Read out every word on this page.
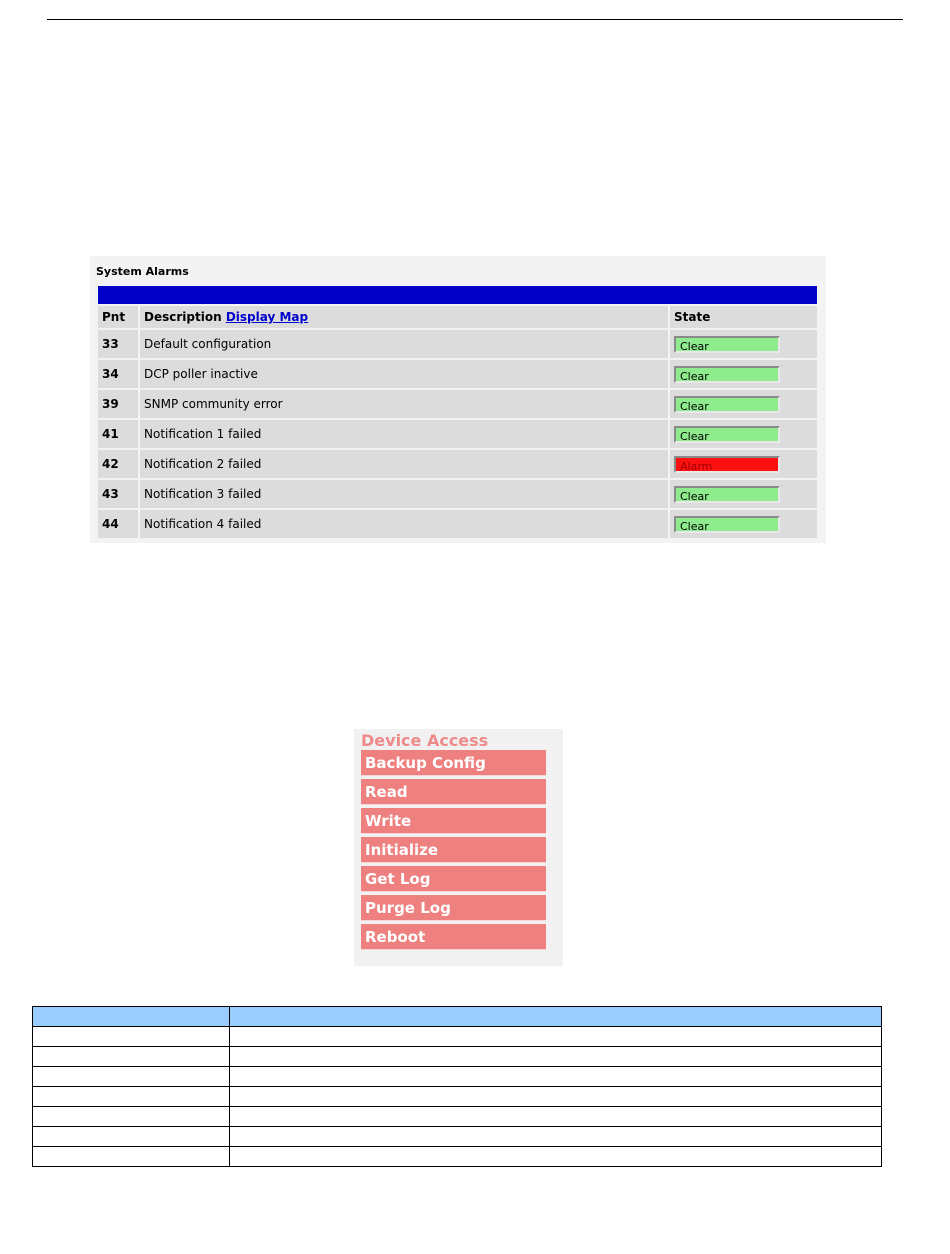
System Alarms
Pnt	Description Display Map	State
33	Default configuration	Clear
34	DCP poller inactive	Clear
39	SNMP community error	Clear
41	Notification 1 failed	Clear
42	Notification 2 failed	Alarm
43	Notification 3 failed	Clear
44	Notification 4 failed	Clear
Device Access
Backup Config
Read
Write
Initialize
Get Log
Purge Log
Reboot
